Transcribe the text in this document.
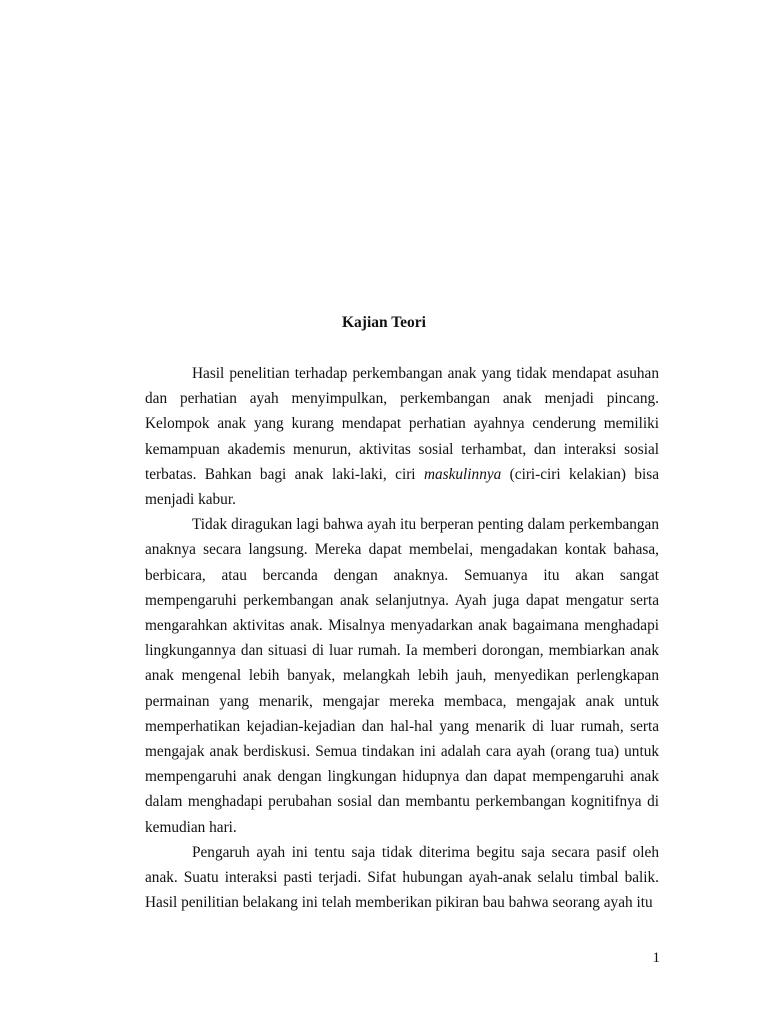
Kajian Teori

Hasil penelitian terhadap perkembangan anak yang tidak mendapat asuhan dan perhatian ayah menyimpulkan, perkembangan anak menjadi pincang. Kelompok anak yang kurang mendapat perhatian ayahnya cenderung memiliki kemampuan akademis menurun, aktivitas sosial terhambat, dan interaksi sosial terbatas. Bahkan bagi anak laki-laki, ciri maskulinnya (ciri-ciri kelakian) bisa menjadi kabur.

Tidak diragukan lagi bahwa ayah itu berperan penting dalam perkembangan anaknya secara langsung. Mereka dapat membelai, mengadakan kontak bahasa, berbicara, atau bercanda dengan anaknya. Semuanya itu akan sangat mempengaruhi perkembangan anak selanjutnya. Ayah juga dapat mengatur serta mengarahkan aktivitas anak. Misalnya menyadarkan anak bagaimana menghadapi lingkungannya dan situasi di luar rumah. Ia memberi dorongan, membiarkan anak anak mengenal lebih banyak, melangkah lebih jauh, menyedikan perlengkapan permainan yang menarik, mengajar mereka membaca, mengajak anak untuk memperhatikan kejadian-kejadian dan hal-hal yang menarik di luar rumah, serta mengajak anak berdiskusi. Semua tindakan ini adalah cara ayah (orang tua) untuk mempengaruhi anak dengan lingkungan hidupnya dan dapat mempengaruhi anak dalam menghadapi perubahan sosial dan membantu perkembangan kognitifnya di kemudian hari.

Pengaruh ayah ini tentu saja tidak diterima begitu saja secara pasif oleh anak. Suatu interaksi pasti terjadi. Sifat hubungan ayah-anak selalu timbal balik. Hasil penilitian belakang ini telah memberikan pikiran bau bahwa seorang ayah itu

1
